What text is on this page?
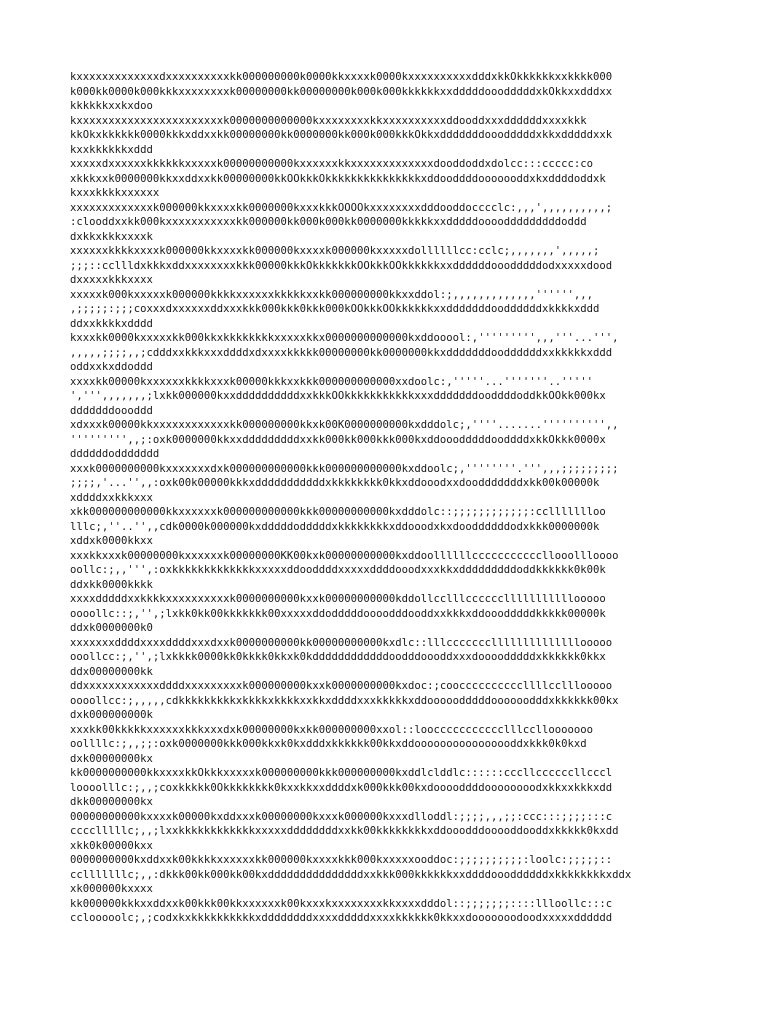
kxxxxxxxxxxxxxdxxxxxxxxxxkk000000000k0000kkxxxxk0000kxxxxxxxxxxdddxkkOkkkkkkxxkkkk000
k000kk0000k000kkkxxxxxxxxk00000000kk00000000k000k000kkkkkkxxdddddooodddddxkOkkxxdddxx
kkkkkkxxkxdoo
kxxxxxxxxxxxxxxxxxxxxxxxk0000000000000kxxxxxxxxkkxxxxxxxxxxddooddxxxddddddxxxxkkk
kkOkxkkkkkk0000kkkxddxxkk00000000kk0000000kk000k000kkkOkkxdddddddooodddddxkkxdddddxxk
kxxkkkkkkxddd
xxxxxdxxxxxxkkkkkkxxxxxk00000000000kxxxxxxkkxxxxxxxxxxxxxdooddoddxdolcc:::ccccc:co
xkkkxxk0000000kkxxddxxkk00000000kkOOkkkOkkkkkkkkkkkkkkkxddooddddooooooddxkxddddoddxk
kxxxkkkkxxxxxx
xxxxxxxxxxxxxk000000kkxxxxkk0000000kxxxkkkOOOOkxxxxxxxxdddooddocccclc:,,,',,,,,,,,,,;
:clooddxxkk000kxxxxxxxxxxxkk000000kk000k000kk0000000kkkkkxxdddddoooodddddddddoddd
dxkkxkkkxxxxk
xxxxxxkkkkxxxxk000000kkxxxxkk000000kxxxxk000000kxxxxxdollllllcc:cclc;,,,,,,,',,,,,;
;;;::ccllldxkkkxddxxxxxxxxkkk00000kkkOkkkkkkkOOkkkOOkkkkkkxxddddddooodddddodxxxxxdood
dxxxxxkkkxxxx
xxxxxk000kxxxxxk000000kkkkxxxxxxkkkkkxxkk000000000kkxxddol:;,,,,,,,,,,,,,'''''',,,
,;;;;;:;;;coxxxdxxxxxxddxxxkkk000kkk0kkk000kOOkkkOOkkkkkkxxdddddddooddddddxkkkkxddd
ddxxkkkkxdddd
kxxxkk0000kxxxxxkk000kkxkkkkkkkkxxxxxkkx0000000000000kxddooool:,''''''''',,,'''...''',
,,,,,;;;;,,;cdddxxkkkxxxddddxdxxxxkkkkk00000000kk0000000kkxdddddddooddddddxxkkkkkxddd
oddxxkxddoddd
xxxxkk00000kxxxxxxkkkkxxxk00000kkkxxkkk000000000000xxdoolc:,'''''...'''''''..'''''
',''',,,,,,,;lxkk000000kxxddddddddddxxkkkOOkkkkkkkkkkkxxxdddddddooddddoddkkOOkk000kx
dddddddoooddd
xdxxxk00000kkxxxxxxxxxxxxkk000000000kkxk00K0000000000kxdddolc;,''''.......'''''''''',,
''''''''',,;:oxk0000000kkxxdddddddddxxkk000kk000kkk000kxddooodddddooddddxkkOkkk0000x
ddddddoddddddd
xxxk0000000000kxxxxxxxdxk000000000000kkk000000000000kxddoolc;,''''''''.''',,,;;;;;;;;;
;;;;,'...'',,:oxk00k00000kkkxdddddddddddxkkkkkkkk0kkxddooodxxdoodddddddxkk00k00000k
xddddxxkkkxxx
xkk000000000000kkxxxxxxk000000000000kkk00000000000kxdddolc::;;;;;;;;;;;;:ccllllllloo
lllc;,''..'',,cdk0000k000000kxdddddodddddxkkkkkkkkxddooodxkxdooddddddodxkkk0000000k
xddxk0000kkxx
xxxkkxxxk00000000kxxxxxxk00000000KK00kxk00000000000kxddoollllllcccccccccccllooollloooo
oollc:;,,''',:oxkkkkkkkkkkkkkxxxxxddooddddxxxxxddddooodxxxkkxdddddddddoddkkkkkk0k00k
ddxkk0000kkkk
xxxxdddddxxkkkkxxxxxxxxxxk0000000000kxxk00000000000kddollcclllcccccclllllllllllooooo
oooollc::;,'',;lxkk0kk00kkkkkkk00xxxxxddodddddoooodddooddxxkkkxddooodddddkkkkk00000k
ddxk0000000k0
xxxxxxxddddxxxxddddxxxdxxk0000000000kk00000000000kxdlc::lllcccccccllllllllllllllooooo
ooollcc:;,'',;lxkkkk0000kk0kkkk0kkxk0kddddddddddddoodddoooddxxxdoooodddddxkkkkkk0kkx
ddx00000000kk
ddxxxxxxxxxxxxddddxxxxxxxxxk000000000kxxk0000000000kxdoc:;cooccccccccccllllcclllooooo
oooollcc:;,,,,,cdkkkkkkkkkxkkkkxkkkkxxkkxddddxxxkkkkkxddooooodddddoooooodddxkkkkkk00kx
dxk000000000k
xxxkk00kkkkkxxxxxxkkkxxxdxk00000000kxkk000000000xxol::looccccccccccclllccllooooooo
oollllc:;,,;;:oxk0000000kkk000kkxk0kxdddxkkkkkk00kkxddoooooooooooooooddxkkk0k0kxd
dxk00000000kx
kk0000000000kkxxxxkkOkkkxxxxxk000000000kkk000000000kxddlclddlc::::::cccllccccccllcccl
loooolllc:;,,;coxkkkkk0Okkkkkkkk0kxxkkxxddddxk000kkk00kxdooooddddoooooooodxkkxxkkkxdd
dkk00000000kx
00000000000kxxxxk00000kxddxxxk00000000kxxxk000000kxxxdlloddl:;;;;,,,;;:ccc:::;;;;:::c
cccclllllc;,,;lxxkkkkkkkkkkkkxxxxxddddddddxxkk00kkkkkkkkxddooodddooooddooddxkkkkk0kxdd
xkk0k00000kxx
0000000000kxddxxk00kkkkxxxxxxkk000000kxxxxkkk000kxxxxxooddoc:;;;;;;;;;;:loolc:;;;;;::
cclllllllc;,,:dkkk00kk000kk00kxdddddddddddddddxxkkk000kkkkkkxxddddoooddddddxkkkkkkkkxddx
xk000000kxxxx
kk000000kkkxxddxxk00kkk00kkxxxxxxk00kxxxkxxxxxxxxkkxxxxdddol::;;;;;;;::::llloollc:::c
cclooooolc;,;codxkxkkkkkkkkkkxddddddddxxxxdddddxxxxkkkkkk0kkxxdooooooodoodxxxxxdddddd
